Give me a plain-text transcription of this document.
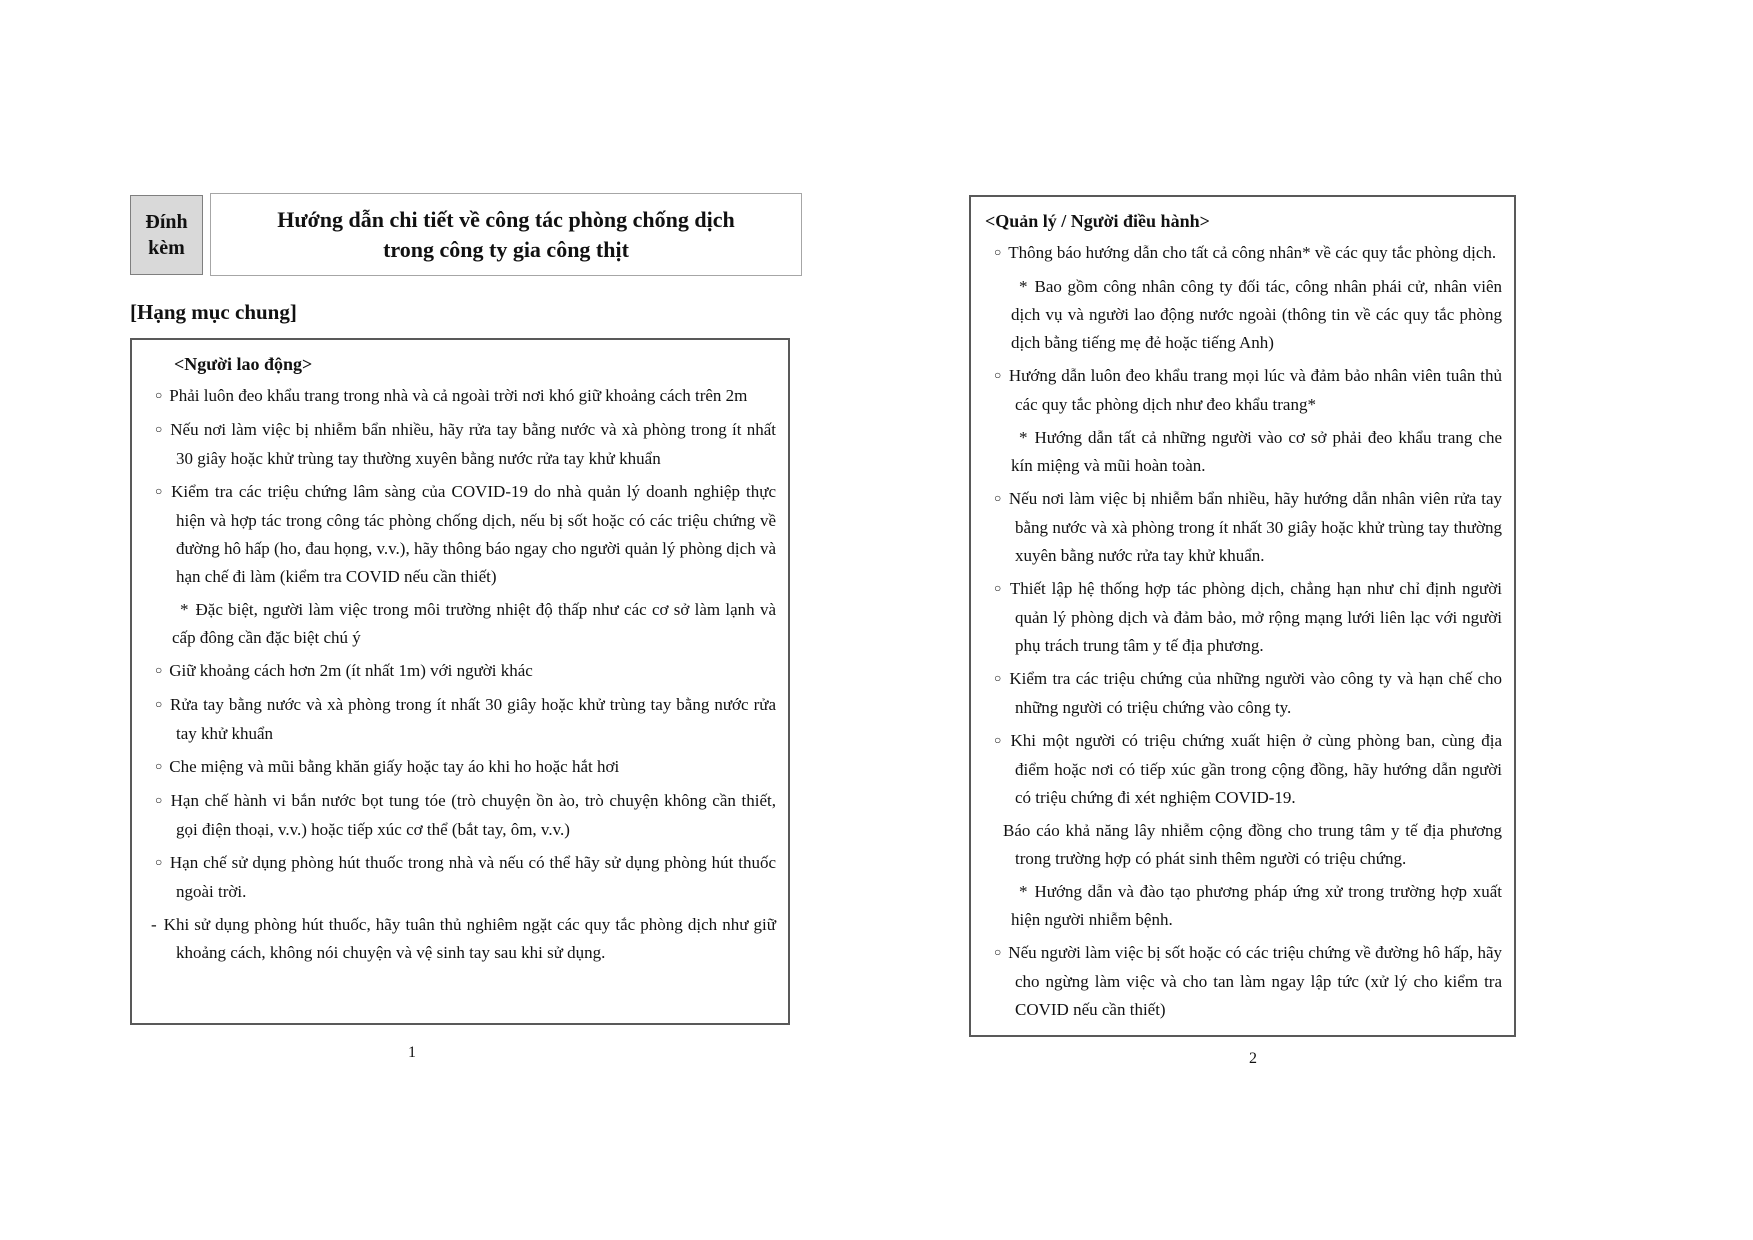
Đính kèm
Hướng dẫn chi tiết về công tác phòng chống dịch
trong công ty gia công thịt
[Hạng mục chung]
<Người lao động>
○ Phải luôn đeo khẩu trang trong nhà và cả ngoài trời nơi khó giữ khoảng cách trên 2m
○ Nếu nơi làm việc bị nhiễm bẩn nhiều, hãy rửa tay bằng nước và xà phòng trong ít nhất 30 giây hoặc khử trùng tay thường xuyên bằng nước rửa tay khử khuẩn
○ Kiểm tra các triệu chứng lâm sàng của COVID-19 do nhà quản lý doanh nghiệp thực hiện và hợp tác trong công tác phòng chống dịch, nếu bị sốt hoặc có các triệu chứng về đường hô hấp (ho, đau họng, v.v.), hãy thông báo ngay cho người quản lý phòng dịch và hạn chế đi làm (kiểm tra COVID nếu cần thiết)
* Đặc biệt, người làm việc trong môi trường nhiệt độ thấp như các cơ sở làm lạnh và cấp đông cần đặc biệt chú ý
○ Giữ khoảng cách hơn 2m (ít nhất 1m) với người khác
○ Rửa tay bằng nước và xà phòng trong ít nhất 30 giây hoặc khử trùng tay bằng nước rửa tay khử khuẩn
○ Che miệng và mũi bằng khăn giấy hoặc tay áo khi ho hoặc hắt hơi
○ Hạn chế hành vi bắn nước bọt tung tóe (trò chuyện ồn ào, trò chuyện không cần thiết, gọi điện thoại, v.v.) hoặc tiếp xúc cơ thể (bắt tay, ôm, v.v.)
○ Hạn chế sử dụng phòng hút thuốc trong nhà và nếu có thể hãy sử dụng phòng hút thuốc ngoài trời.
- Khi sử dụng phòng hút thuốc, hãy tuân thủ nghiêm ngặt các quy tắc phòng dịch như giữ khoảng cách, không nói chuyện và vệ sinh tay sau khi sử dụng.
1
<Quản lý / Người điều hành>
○ Thông báo hướng dẫn cho tất cả công nhân* về các quy tắc phòng dịch.
* Bao gồm công nhân công ty đối tác, công nhân phái cử, nhân viên dịch vụ và người lao động nước ngoài (thông tin về các quy tắc phòng dịch bằng tiếng mẹ đẻ hoặc tiếng Anh)
○ Hướng dẫn luôn đeo khẩu trang mọi lúc và đảm bảo nhân viên tuân thủ các quy tắc phòng dịch như đeo khẩu trang*
* Hướng dẫn tất cả những người vào cơ sở phải đeo khẩu trang che kín miệng và mũi hoàn toàn.
○ Nếu nơi làm việc bị nhiễm bẩn nhiều, hãy hướng dẫn nhân viên rửa tay bằng nước và xà phòng trong ít nhất 30 giây hoặc khử trùng tay thường xuyên bằng nước rửa tay khử khuẩn.
○ Thiết lập hệ thống hợp tác phòng dịch, chẳng hạn như chỉ định người quản lý phòng dịch và đảm bảo, mở rộng mạng lưới liên lạc với người phụ trách trung tâm y tế địa phương.
○ Kiểm tra các triệu chứng của những người vào công ty và hạn chế cho những người có triệu chứng vào công ty.
○ Khi một người có triệu chứng xuất hiện ở cùng phòng ban, cùng địa điểm hoặc nơi có tiếp xúc gần trong cộng đồng, hãy hướng dẫn người có triệu chứng đi xét nghiệm COVID-19.
Báo cáo khả năng lây nhiễm cộng đồng cho trung tâm y tế địa phương trong trường hợp có phát sinh thêm người có triệu chứng.
* Hướng dẫn và đào tạo phương pháp ứng xử trong trường hợp xuất hiện người nhiễm bệnh.
○ Nếu người làm việc bị sốt hoặc có các triệu chứng về đường hô hấp, hãy cho ngừng làm việc và cho tan làm ngay lập tức (xử lý cho kiểm tra COVID nếu cần thiết)
2
